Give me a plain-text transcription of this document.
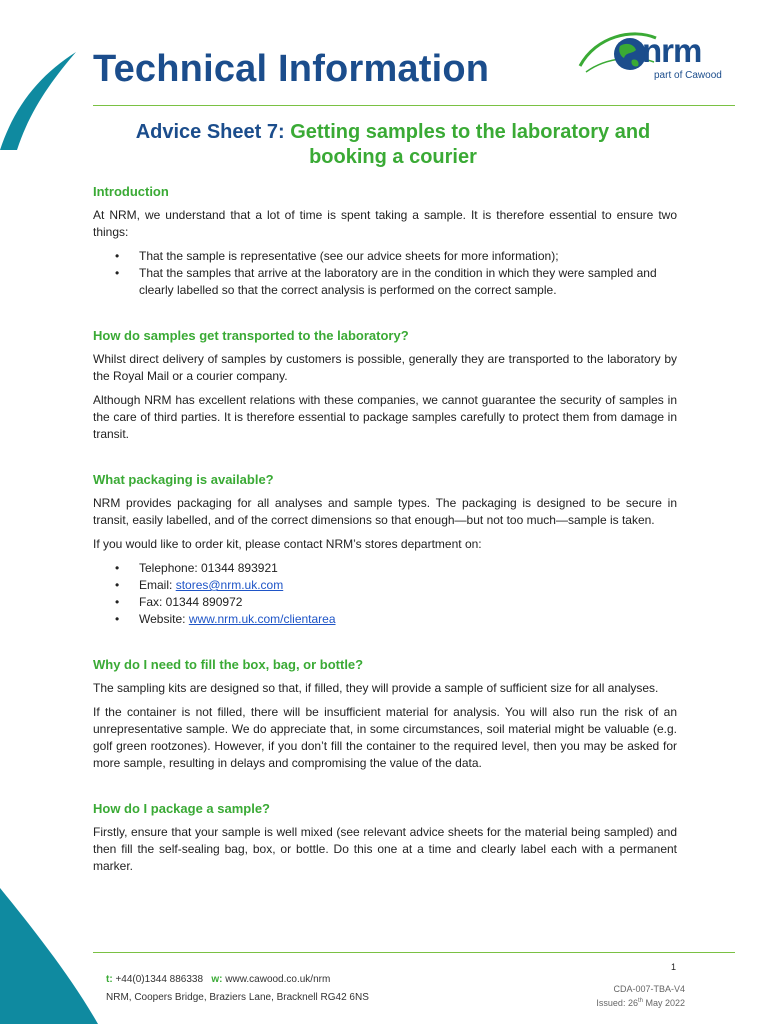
Technical Information	nrm
part of Cawood
Advice Sheet 7: Getting samples to the laboratory and
booking a courier
Introduction

At NRM, we understand that a lot of time is spent taking a sample. It is therefore essential to ensure two things:

• That the sample is representative (see our advice sheets for more information);
• That the samples that arrive at the laboratory are in the condition in which they were sampled and clearly labelled so that the correct analysis is performed on the correct sample.
How do samples get transported to the laboratory?

Whilst direct delivery of samples by customers is possible, generally they are transported to the laboratory by the Royal Mail or a courier company.

Although NRM has excellent relations with these companies, we cannot guarantee the security of samples in the care of third parties. It is therefore essential to package samples carefully to protect them from damage in transit.

What packaging is available?

NRM provides packaging for all analyses and sample types. The packaging is designed to be secure in transit, easily labelled, and of the correct dimensions so that enough—but not too much—sample is taken.

If you would like to order kit, please contact NRM’s stores department on:

• Telephone: 01344 893921
• Email: stores@nrm.uk.com
• Fax: 01344 890972
• Website: www.nrm.uk.com/clientarea
Why do I need to fill the box, bag, or bottle?

The sampling kits are designed so that, if filled, they will provide a sample of sufficient size for all analyses.

If the container is not filled, there will be insufficient material for analysis. You will also run the risk of an unrepresentative sample. We do appreciate that, in some circumstances, soil material might be valuable (e.g. golf green rootzones). However, if you don’t fill the container to the required level, then you may be asked for more sample, resulting in delays and compromising the value of the data.

How do I package a sample?

Firstly, ensure that your sample is well mixed (see relevant advice sheets for the material being sampled) and then fill the self-sealing bag, box, or bottle. Do this one at a time and clearly label each with a permanent marker.

1
t: +44(0)1344 886338 w: www.cawood.co.uk/nrm
NRM, Coopers Bridge, Braziers Lane, Bracknell RG42 6NS
CDA-007-TBA-V4
Issued: 26th May 2022
